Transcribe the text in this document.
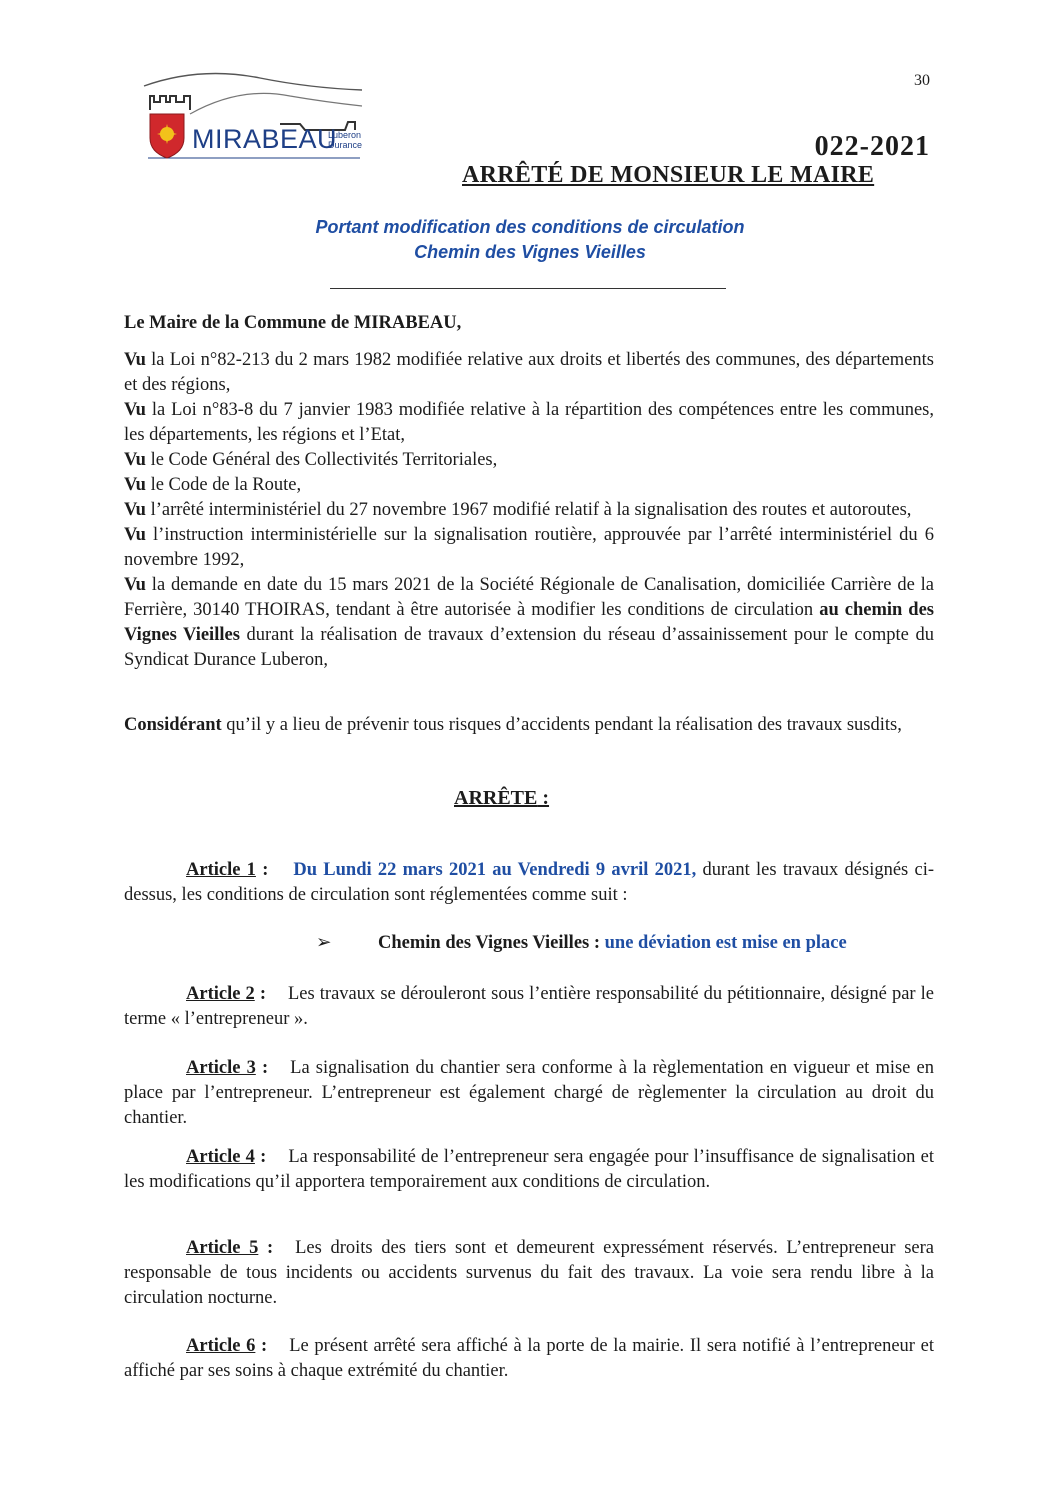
MIRABEAU
Luberon
Durance
30
022-2021
ARRÊTÉ DE MONSIEUR LE MAIRE
Portant modification des conditions de circulation
Chemin des Vignes Vieilles
Le Maire de la Commune de MIRABEAU,

Vu la Loi n°82-213 du 2 mars 1982 modifiée relative aux droits et libertés des communes, des départements et des régions,

Vu la Loi n°83-8 du 7 janvier 1983 modifiée relative à la répartition des compétences entre les communes, les départements, les régions et l’Etat,

Vu le Code Général des Collectivités Territoriales,

Vu le Code de la Route,

Vu l’arrêté interministériel du 27 novembre 1967 modifié relatif à la signalisation des routes et autoroutes,

Vu l’instruction interministérielle sur la signalisation routière, approuvée par l’arrêté interministériel du 6 novembre 1992,

Vu la demande en date du 15 mars 2021 de la Société Régionale de Canalisation, domiciliée Carrière de la Ferrière, 30140 THOIRAS, tendant à être autorisée à modifier les conditions de circulation au chemin des Vignes Vieilles durant la réalisation de travaux d’extension du réseau d’assainissement pour le compte du Syndicat Durance Luberon,

Considérant qu’il y a lieu de prévenir tous risques d’accidents pendant la réalisation des travaux susdits,
ARRÊTE :
Article 1 : Du Lundi 22 mars 2021 au Vendredi 9 avril 2021, durant les travaux désignés ci-dessus, les conditions de circulation sont réglementées comme suit :
➢	Chemin des Vignes Vieilles : une déviation est mise en place
Article 2 : Les travaux se dérouleront sous l’entière responsabilité du pétitionnaire, désigné par le terme « l’entrepreneur ».
Article 3 : La signalisation du chantier sera conforme à la règlementation en vigueur et mise en place par l’entrepreneur. L’entrepreneur est également chargé de règlementer la circulation au droit du chantier.
Article 4 : La responsabilité de l’entrepreneur sera engagée pour l’insuffisance de signalisation et les modifications qu’il apportera temporairement aux conditions de circulation.
Article 5 : Les droits des tiers sont et demeurent expressément réservés. L’entrepreneur sera responsable de tous incidents ou accidents survenus du fait des travaux. La voie sera rendu libre à la circulation nocturne.
Article 6 : Le présent arrêté sera affiché à la porte de la mairie. Il sera notifié à l’entrepreneur et affiché par ses soins à chaque extrémité du chantier.
